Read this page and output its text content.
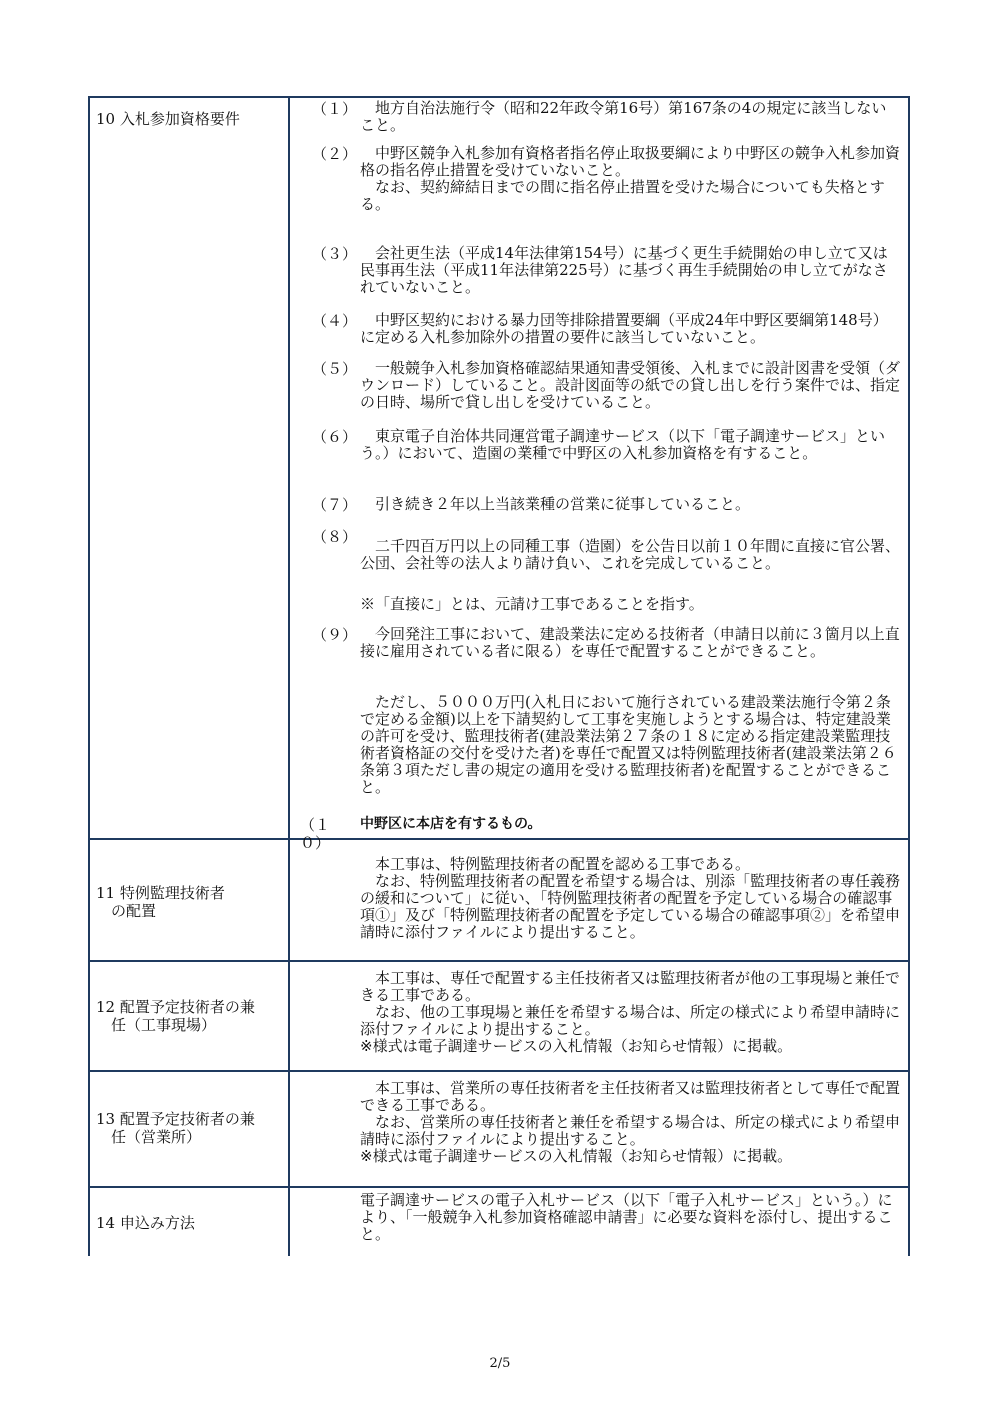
10 入札参加資格要件
（１） 　地方自治法施行令（昭和22年政令第16号）第167条の4の規定に該当しないこと。
（２）	　中野区競争入札参加有資格者指名停止取扱要綱により中野区の競争入札参加資格の指名停止措置を受けていないこと。
　なお、契約締結日までの間に指名停止措置を受けた場合についても失格とする。
（３） 　会社更生法（平成14年法律第154号）に基づく更生手続開始の申し立て又は民事再生法（平成11年法律第225号）に基づく再生手続開始の申し立てがなされていないこと。
（４） 　中野区契約における暴力団等排除措置要綱（平成24年中野区要綱第148号）に定める入札参加除外の措置の要件に該当していないこと。
（５） 　一般競争入札参加資格確認結果通知書受領後、入札までに設計図書を受領（ダウンロード）していること。設計図面等の紙での貸し出しを行う案件では、指定の日時、場所で貸し出しを受けていること。
（６） 　東京電子自治体共同運営電子調達サービス（以下「電子調達サービス」という。）において、造園の業種で中野区の入札参加資格を有すること。
（７） 　引き続き２年以上当該業種の営業に従事していること。
（８） 　二千四百万円以上の同種工事（造園）を公告日以前１０年間に直接に官公署、公団、会社等の法人より請け負い、これを完成していること。
※「直接に」とは、元請け工事であることを指す。
（９） 　今回発注工事において、建設業法に定める技術者（申請日以前に３箇月以上直接に雇用されている者に限る）を専任で配置することができること。
　ただし、５０００万円(入札日において施行されている建設業法施行令第２条で定める金額)以上を下請契約して工事を実施しようとする場合は、特定建設業の許可を受け、監理技術者(建設業法第２７条の１８に定める指定建設業監理技術者資格証の交付を受けた者)を専任で配置又は特例監理技術者(建設業法第２６条第３項ただし書の規定の適用を受ける監理技術者)を配置することができること。
（１０）
中野区に本店を有するもの。
11 特例監理技術者
　の配置
　本工事は、特例監理技術者の配置を認める工事である。
　なお、特例監理技術者の配置を希望する場合は、別添「監理技術者の専任義務の緩和について」に従い、「特例監理技術者の配置を予定している場合の確認事項①」及び「特例監理技術者の配置を予定している場合の確認事項②」を希望申請時に添付ファイルにより提出すること。
12 配置予定技術者の兼
　任（工事現場）
　本工事は、専任で配置する主任技術者又は監理技術者が他の工事現場と兼任できる工事である。
　なお、他の工事現場と兼任を希望する場合は、所定の様式により希望申請時に添付ファイルにより提出すること。
※様式は電子調達サービスの入札情報（お知らせ情報）に掲載。
13 配置予定技術者の兼
　任（営業所）
　本工事は、営業所の専任技術者を主任技術者又は監理技術者として専任で配置できる工事である。
　なお、営業所の専任技術者と兼任を希望する場合は、所定の様式により希望申請時に添付ファイルにより提出すること。
※様式は電子調達サービスの入札情報（お知らせ情報）に掲載。
14 申込み方法
電子調達サービスの電子入札サービス（以下「電子入札サービス」という。）により、「一般競争入札参加資格確認申請書」に必要な資料を添付し、提出すること。
2/5
